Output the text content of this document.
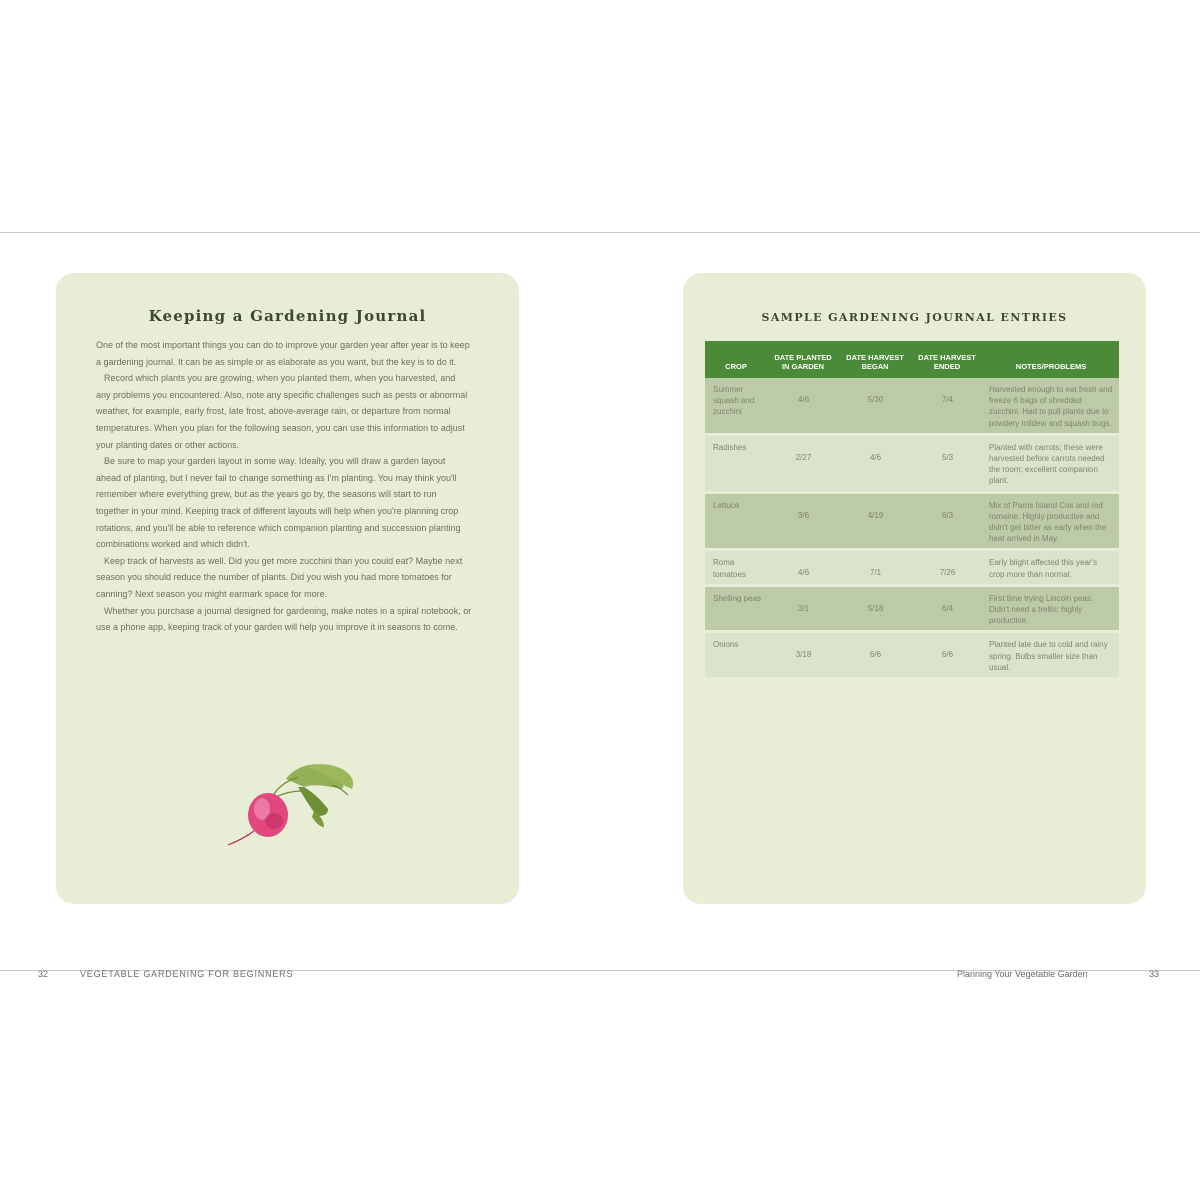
Keeping a Gardening Journal

One of the most important things you can do to improve your garden year after year is to keep a gardening journal. It can be as simple or as elaborate as you want, but the key is to do it.

Record which plants you are growing, when you planted them, when you harvested, and any problems you encountered. Also, note any specific challenges such as pests or abnormal weather, for example, early frost, late frost, above-average rain, or departure from normal temperatures. When you plan for the following season, you can use this information to adjust your planting dates or other actions.

Be sure to map your garden layout in some way. Ideally, you will draw a garden layout ahead of planting, but I never fail to change something as I'm planting. You may think you'll remember where everything grew, but as the years go by, the seasons will start to run together in your mind. Keeping track of different layouts will help when you're planning crop rotations, and you'll be able to reference which companion planting and succession planting combinations worked and which didn't.

Keep track of harvests as well. Did you get more zucchini than you could eat? Maybe next season you should reduce the number of plants. Did you wish you had more tomatoes for canning? Next season you might earmark space for more.

Whether you purchase a journal designed for gardening, make notes in a spiral notebook, or use a phone app, keeping track of your garden will help you improve it in seasons to come.

32	VEGETABLE GARDENING FOR BEGINNERS
SAMPLE GARDENING JOURNAL ENTRIES
CROP	DATE PLANTED IN GARDEN	DATE HARVEST BEGAN	DATE HARVEST ENDED	NOTES/PROBLEMS
Summer squash and zucchini	4/6	5/30	7/4	Harvested enough to eat fresh and freeze 6 bags of shredded zucchini. Had to pull plants due to powdery mildew and squash bugs.
Radishes	2/27	4/6	5/3	Planted with carrots; these were harvested before carrots needed the room; excellent companion plant.
Lettuce	3/6	4/19	6/3	Mix of Parris Island Cos and red romaine. Highly productive and didn't get bitter as early when the heat arrived in May.
Roma tomatoes	4/6	7/1	7/26	Early blight affected this year's crop more than normal.
Shelling peas	3/1	5/18	6/4	First time trying Lincoln peas. Didn't need a trellis; highly productive.
Onions	3/18	6/6	6/6	Planted late due to cold and rainy spring. Bulbs smaller size than usual.
Planning Your Vegetable Garden	33
